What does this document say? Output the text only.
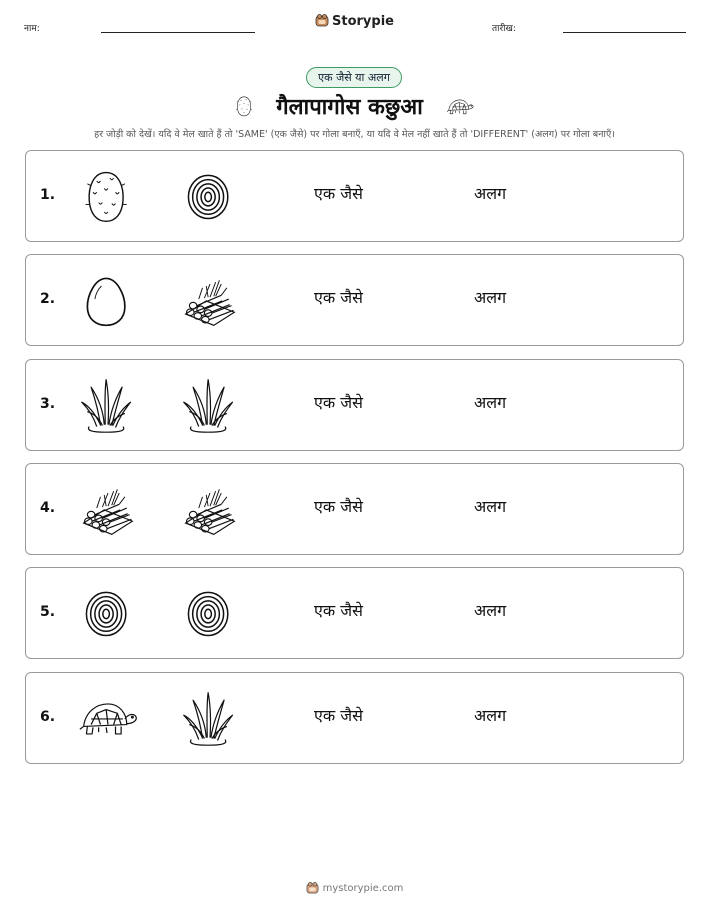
नाम:	Storypie	तारीख:
एक जैसे या अलग
गैलापागोस कछुआ
हर जोड़ी को देखें। यदि वे मेल खाते हैं तो 'SAME' (एक जैसे) पर गोला बनाएँ, या यदि वे मेल नहीं खाते हैं तो 'DIFFERENT' (अलग) पर गोला बनाएँ।
1.	एक जैसे	अलग
2.	एक जैसे	अलग
3.	एक जैसे	अलग
4.	एक जैसे	अलग
5.	एक जैसे	अलग
6.	एक जैसे	अलग
mystorypie.com
